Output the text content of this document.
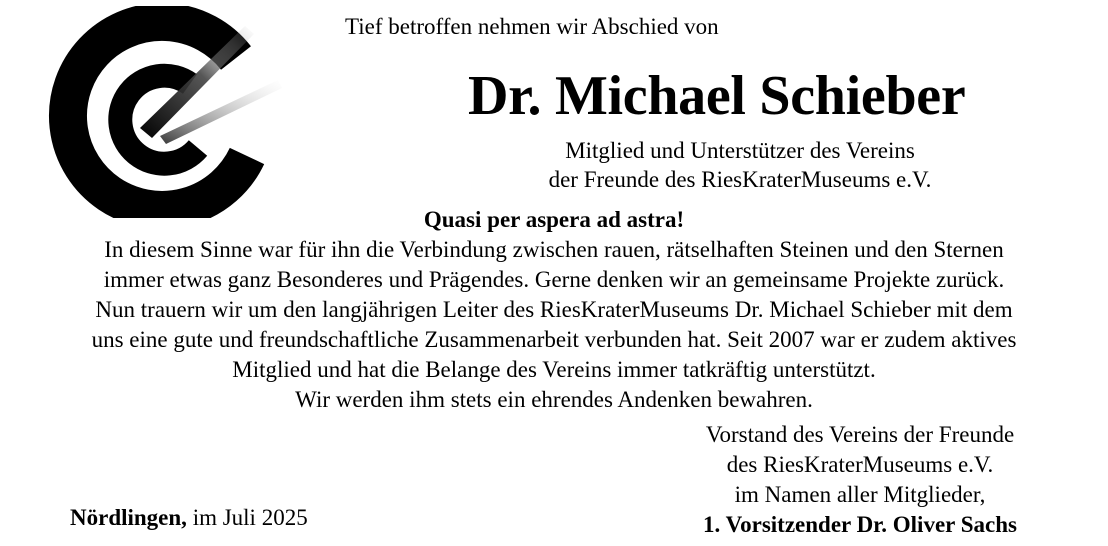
Tief betroffen nehmen wir Abschied von
Dr. Michael Schieber
Mitglied und Unterstützer des Vereins
der Freunde des RiesKraterMuseums e.V.
Quasi per aspera ad astra!
In diesem Sinne war für ihn die Verbindung zwischen rauen, rätselhaften Steinen und den Sternen
immer etwas ganz Besonderes und Prägendes. Gerne denken wir an gemeinsame Projekte zurück.
Nun trauern wir um den langjährigen Leiter des RiesKraterMuseums Dr. Michael Schieber mit dem
uns eine gute und freundschaftliche Zusammenarbeit verbunden hat. Seit 2007 war er zudem aktives
Mitglied und hat die Belange des Vereins immer tatkräftig unterstützt.
Wir werden ihm stets ein ehrendes Andenken bewahren.
Vorstand des Vereins der Freunde
des RiesKraterMuseums e.V.
im Namen aller Mitglieder,
1. Vorsitzender Dr. Oliver Sachs
Nördlingen, im Juli 2025
